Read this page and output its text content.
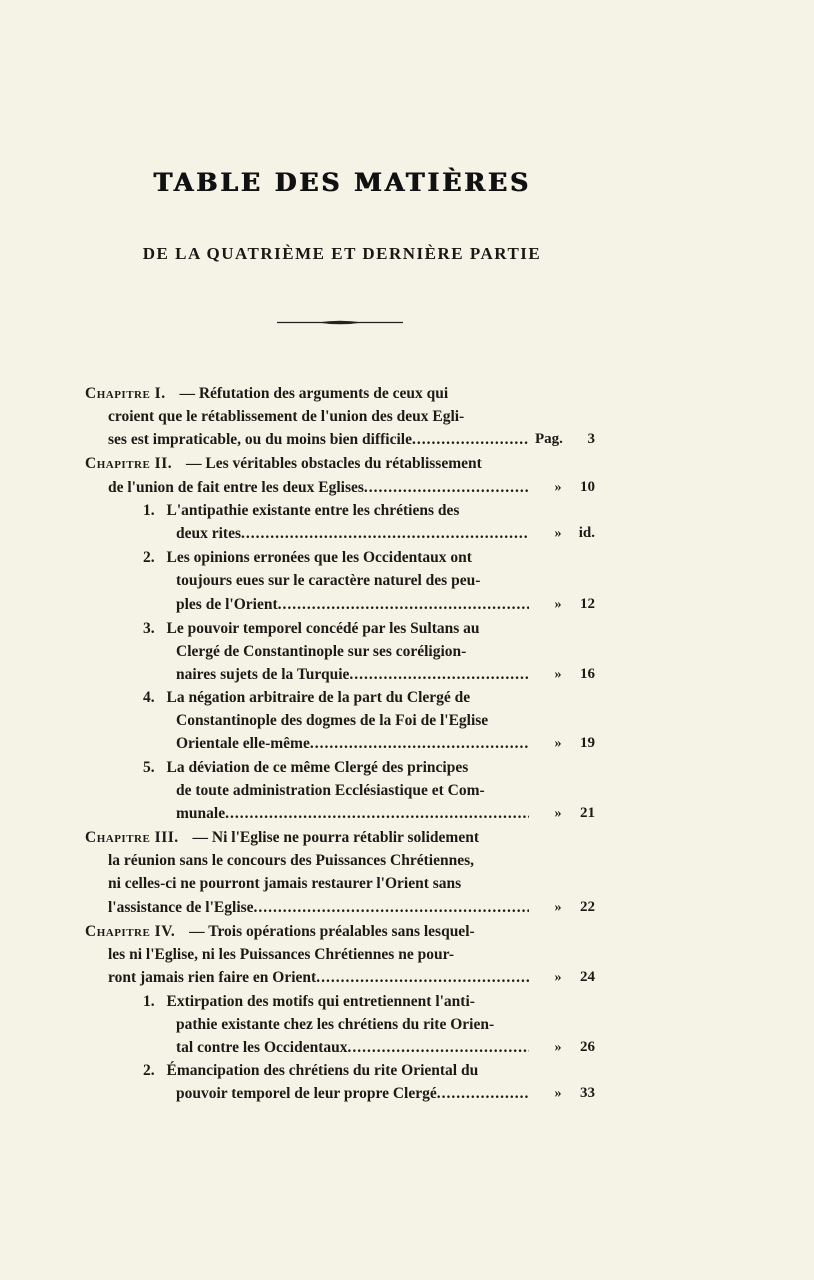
TABLE DES MATIÈRES
DE LA QUATRIÈME ET DERNIÈRE PARTIE
Chapitre I. — Réfutation des arguments de ceux qui
croient que le rétablissement de l'union des deux Egli-
ses est impraticable, ou du moins bien difficile .....	Pag.	3
Chapitre II. — Les véritables obstacles du rétablissement
de l'union de fait entre les deux Eglises .....	»	10
1. L'antipathie existante entre les chrétiens des
deux rites .....	»	id.
2. Les opinions erronées que les Occidentaux ont
toujours eues sur le caractère naturel des peu-
ples de l'Orient .....	»	12
3. Le pouvoir temporel concédé par les Sultans au
Clergé de Constantinople sur ses coréligion-
naires sujets de la Turquie .....	»	16
4. La négation arbitraire de la part du Clergé de
Constantinople des dogmes de la Foi de l'Eglise
Orientale elle-même .....	»	19
5. La déviation de ce même Clergé des principes
de toute administration Ecclésiastique et Com-
munale .....	»	21
Chapitre III. — Ni l'Eglise ne pourra rétablir solidement
la réunion sans le concours des Puissances Chrétiennes,
ni celles-ci ne pourront jamais restaurer l'Orient sans
l'assistance de l'Eglise .....	»	22
Chapitre IV. — Trois opérations préalables sans lesquel-
les ni l'Eglise, ni les Puissances Chrétiennes ne pour-
ront jamais rien faire en Orient .....	»	24
1. Extirpation des motifs qui entretiennent l'anti-
pathie existante chez les chrétiens du rite Orien-
tal contre les Occidentaux .....	»	26
2. Émancipation des chrétiens du rite Oriental du
pouvoir temporel de leur propre Clergé .....	»	33
